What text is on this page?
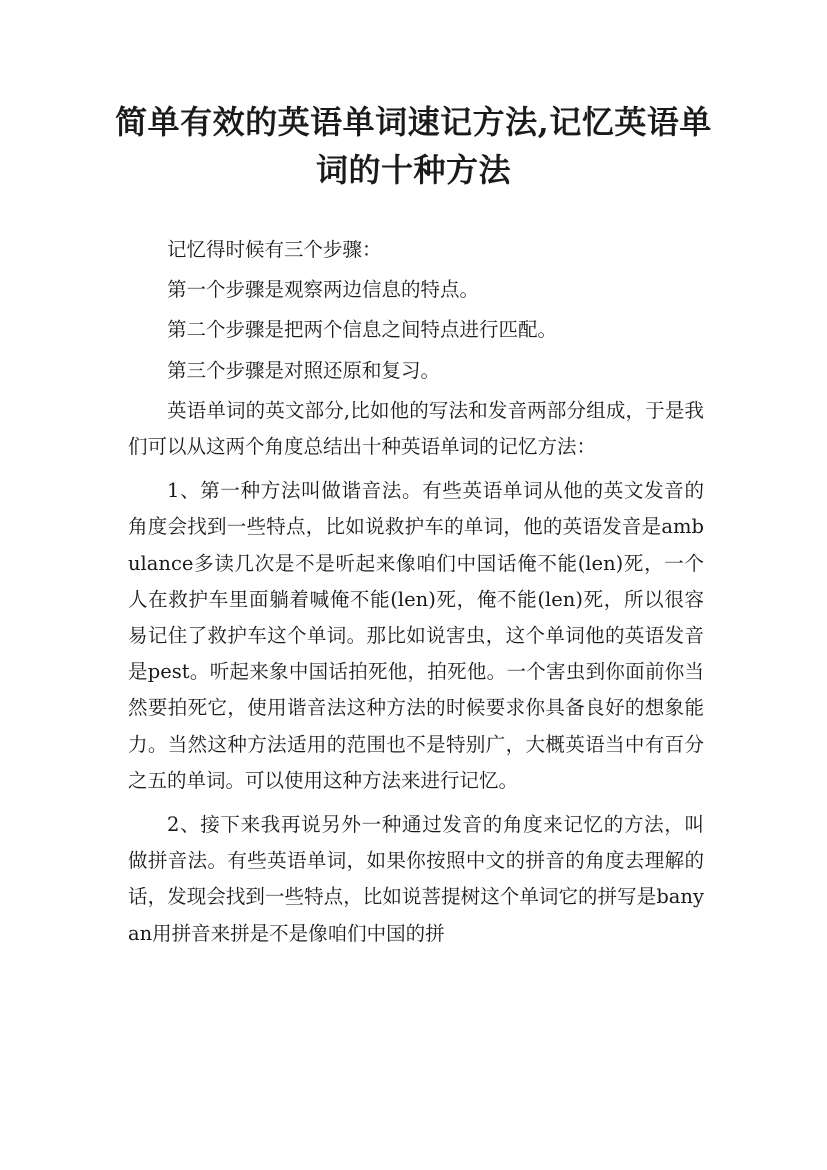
简单有效的英语单词速记方法,记忆英语单词的十种方法

记忆得时候有三个步骤：

第一个步骤是观察两边信息的特点。

第二个步骤是把两个信息之间特点进行匹配。

第三个步骤是对照还原和复习。

英语单词的英文部分,比如他的写法和发音两部分组成，于是我们可以从这两个角度总结出十种英语单词的记忆方法：

1、第一种方法叫做谐音法。有些英语单词从他的英文发音的角度会找到一些特点，比如说救护车的单词，他的英语发音是ambulance多读几次是不是听起来像咱们中国话俺不能(len)死，一个人在救护车里面躺着喊俺不能(len)死，俺不能(len)死，所以很容易记住了救护车这个单词。那比如说害虫，这个单词他的英语发音是pest。听起来象中国话拍死他，拍死他。一个害虫到你面前你当然要拍死它，使用谐音法这种方法的时候要求你具备良好的想象能力。当然这种方法适用的范围也不是特别广，大概英语当中有百分之五的单词。可以使用这种方法来进行记忆。

2、接下来我再说另外一种通过发音的角度来记忆的方法，叫做拼音法。有些英语单词，如果你按照中文的拼音的角度去理解的话，发现会找到一些特点，比如说菩提树这个单词它的拼写是banyan用拼音来拼是不是像咱们中国的拼
